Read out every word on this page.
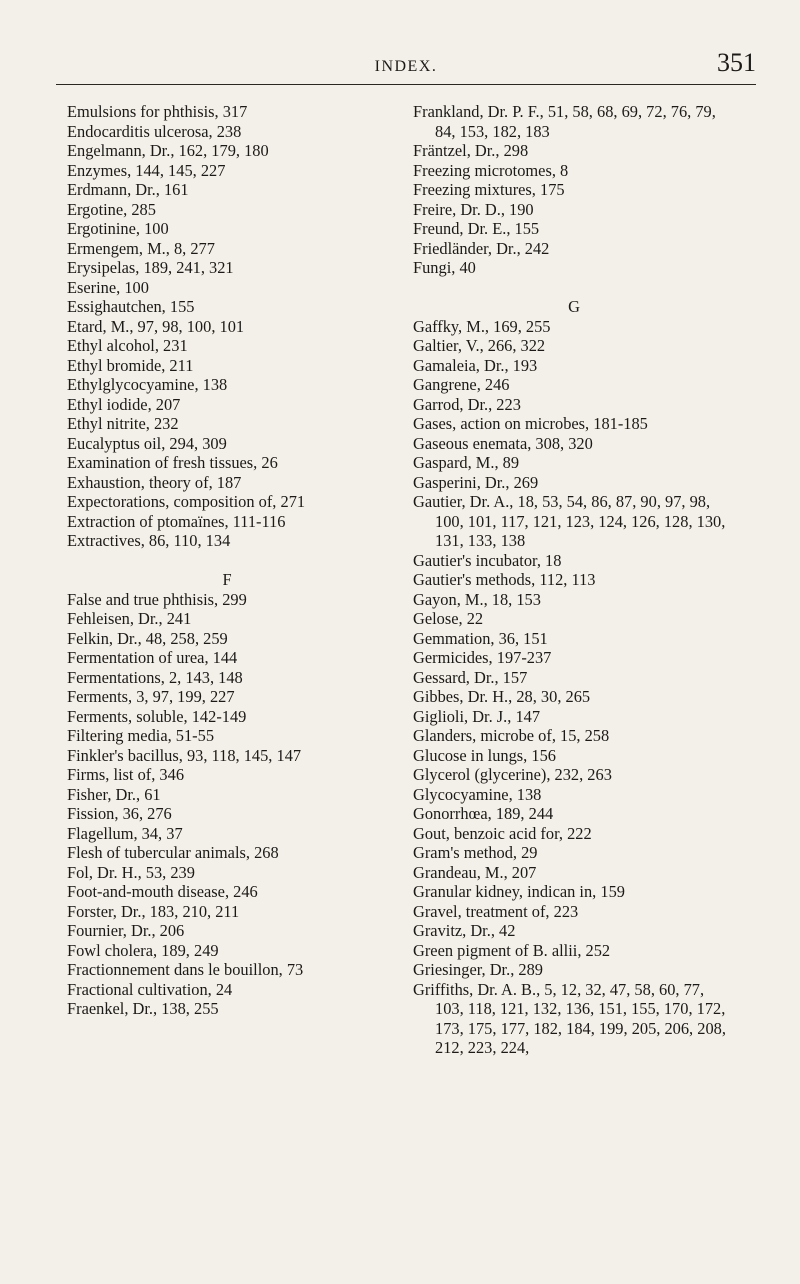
INDEX.	351

Emulsions for phthisis, 317

Endocarditis ulcerosa, 238

Engelmann, Dr., 162, 179, 180

Enzymes, 144, 145, 227

Erdmann, Dr., 161

Ergotine, 285

Ergotinine, 100

Ermengem, M., 8, 277

Erysipelas, 189, 241, 321

Eserine, 100

Essighautchen, 155

Etard, M., 97, 98, 100, 101

Ethyl alcohol, 231

Ethyl bromide, 211

Ethylglycocyamine, 138

Ethyl iodide, 207

Ethyl nitrite, 232

Eucalyptus oil, 294, 309

Examination of fresh tissues, 26

Exhaustion, theory of, 187

Expectorations, composition of, 271

Extraction of ptomaïnes, 111-116

Extractives, 86, 110, 134

F

False and true phthisis, 299

Fehleisen, Dr., 241

Felkin, Dr., 48, 258, 259

Fermentation of urea, 144

Fermentations, 2, 143, 148

Ferments, 3, 97, 199, 227

Ferments, soluble, 142-149

Filtering media, 51-55

Finkler's bacillus, 93, 118, 145, 147

Firms, list of, 346

Fisher, Dr., 61

Fission, 36, 276

Flagellum, 34, 37

Flesh of tubercular animals, 268

Fol, Dr. H., 53, 239

Foot-and-mouth disease, 246

Forster, Dr., 183, 210, 211

Fournier, Dr., 206

Fowl cholera, 189, 249

Fractionnement dans le bouillon, 73

Fractional cultivation, 24

Fraenkel, Dr., 138, 255

Frankland, Dr. P. F., 51, 58, 68, 69, 72, 76, 79, 84, 153, 182, 183

Fräntzel, Dr., 298

Freezing microtomes, 8

Freezing mixtures, 175

Freire, Dr. D., 190

Freund, Dr. E., 155

Friedländer, Dr., 242

Fungi, 40

G

Gaffky, M., 169, 255

Galtier, V., 266, 322

Gamaleia, Dr., 193

Gangrene, 246

Garrod, Dr., 223

Gases, action on microbes, 181-185

Gaseous enemata, 308, 320

Gaspard, M., 89

Gasperini, Dr., 269

Gautier, Dr. A., 18, 53, 54, 86, 87, 90, 97, 98, 100, 101, 117, 121, 123, 124, 126, 128, 130, 131, 133, 138

Gautier's incubator, 18

Gautier's methods, 112, 113

Gayon, M., 18, 153

Gelose, 22

Gemmation, 36, 151

Germicides, 197-237

Gessard, Dr., 157

Gibbes, Dr. H., 28, 30, 265

Giglioli, Dr. J., 147

Glanders, microbe of, 15, 258

Glucose in lungs, 156

Glycerol (glycerine), 232, 263

Glycocyamine, 138

Gonorrhœa, 189, 244

Gout, benzoic acid for, 222

Gram's method, 29

Grandeau, M., 207

Granular kidney, indican in, 159

Gravel, treatment of, 223

Gravitz, Dr., 42

Green pigment of B. allii, 252

Griesinger, Dr., 289

Griffiths, Dr. A. B., 5, 12, 32, 47, 58, 60, 77, 103, 118, 121, 132, 136, 151, 155, 170, 172, 173, 175, 177, 182, 184, 199, 205, 206, 208, 212, 223, 224,
